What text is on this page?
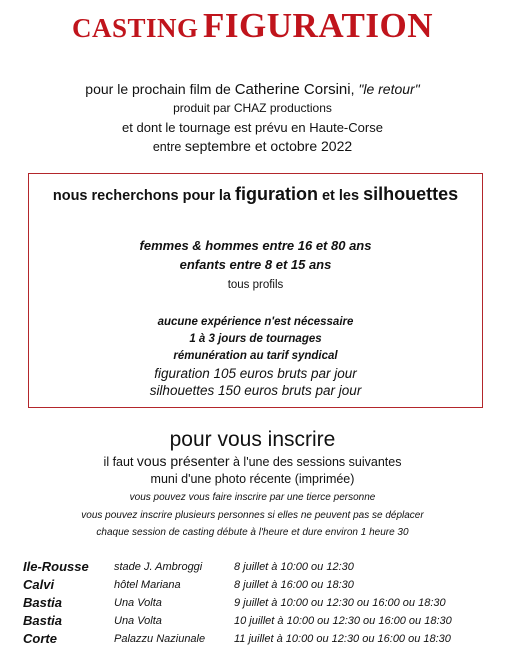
CASTING FIGURATION
pour le prochain film de Catherine Corsini, "le retour"
produit par CHAZ productions
et dont le tournage est prévu en Haute-Corse
entre septembre et octobre 2022
nous recherchons pour la figuration et les silhouettes
femmes & hommes entre 16 et 80 ans
enfants entre 8 et 15 ans
tous profils
aucune expérience n'est nécessaire
1 à 3 jours de tournages
rémunération au tarif syndical
figuration 105 euros bruts par jour
silhouettes 150 euros bruts par jour
pour vous inscrire
il faut vous présenter à l'une des sessions suivantes
muni d'une photo récente (imprimée)
vous pouvez vous faire inscrire par une tierce personne
vous pouvez inscrire plusieurs personnes si elles ne peuvent pas se déplacer
chaque session de casting débute à l'heure et dure environ 1 heure 30
Ile-Rousse stade J. Ambroggi	8 juillet à 10:00 ou 12:30
Calvi	hôtel Mariana	8 juillet à 16:00 ou 18:30
Bastia	Una Volta	9 juillet à 10:00 ou 12:30 ou 16:00 ou 18:30
Bastia	Una Volta	10 juillet à 10:00 ou 12:30 ou 16:00 ou 18:30
Corte	Palazzu Naziunale	11 juillet à 10:00 ou 12:30 ou 16:00 ou 18:30
